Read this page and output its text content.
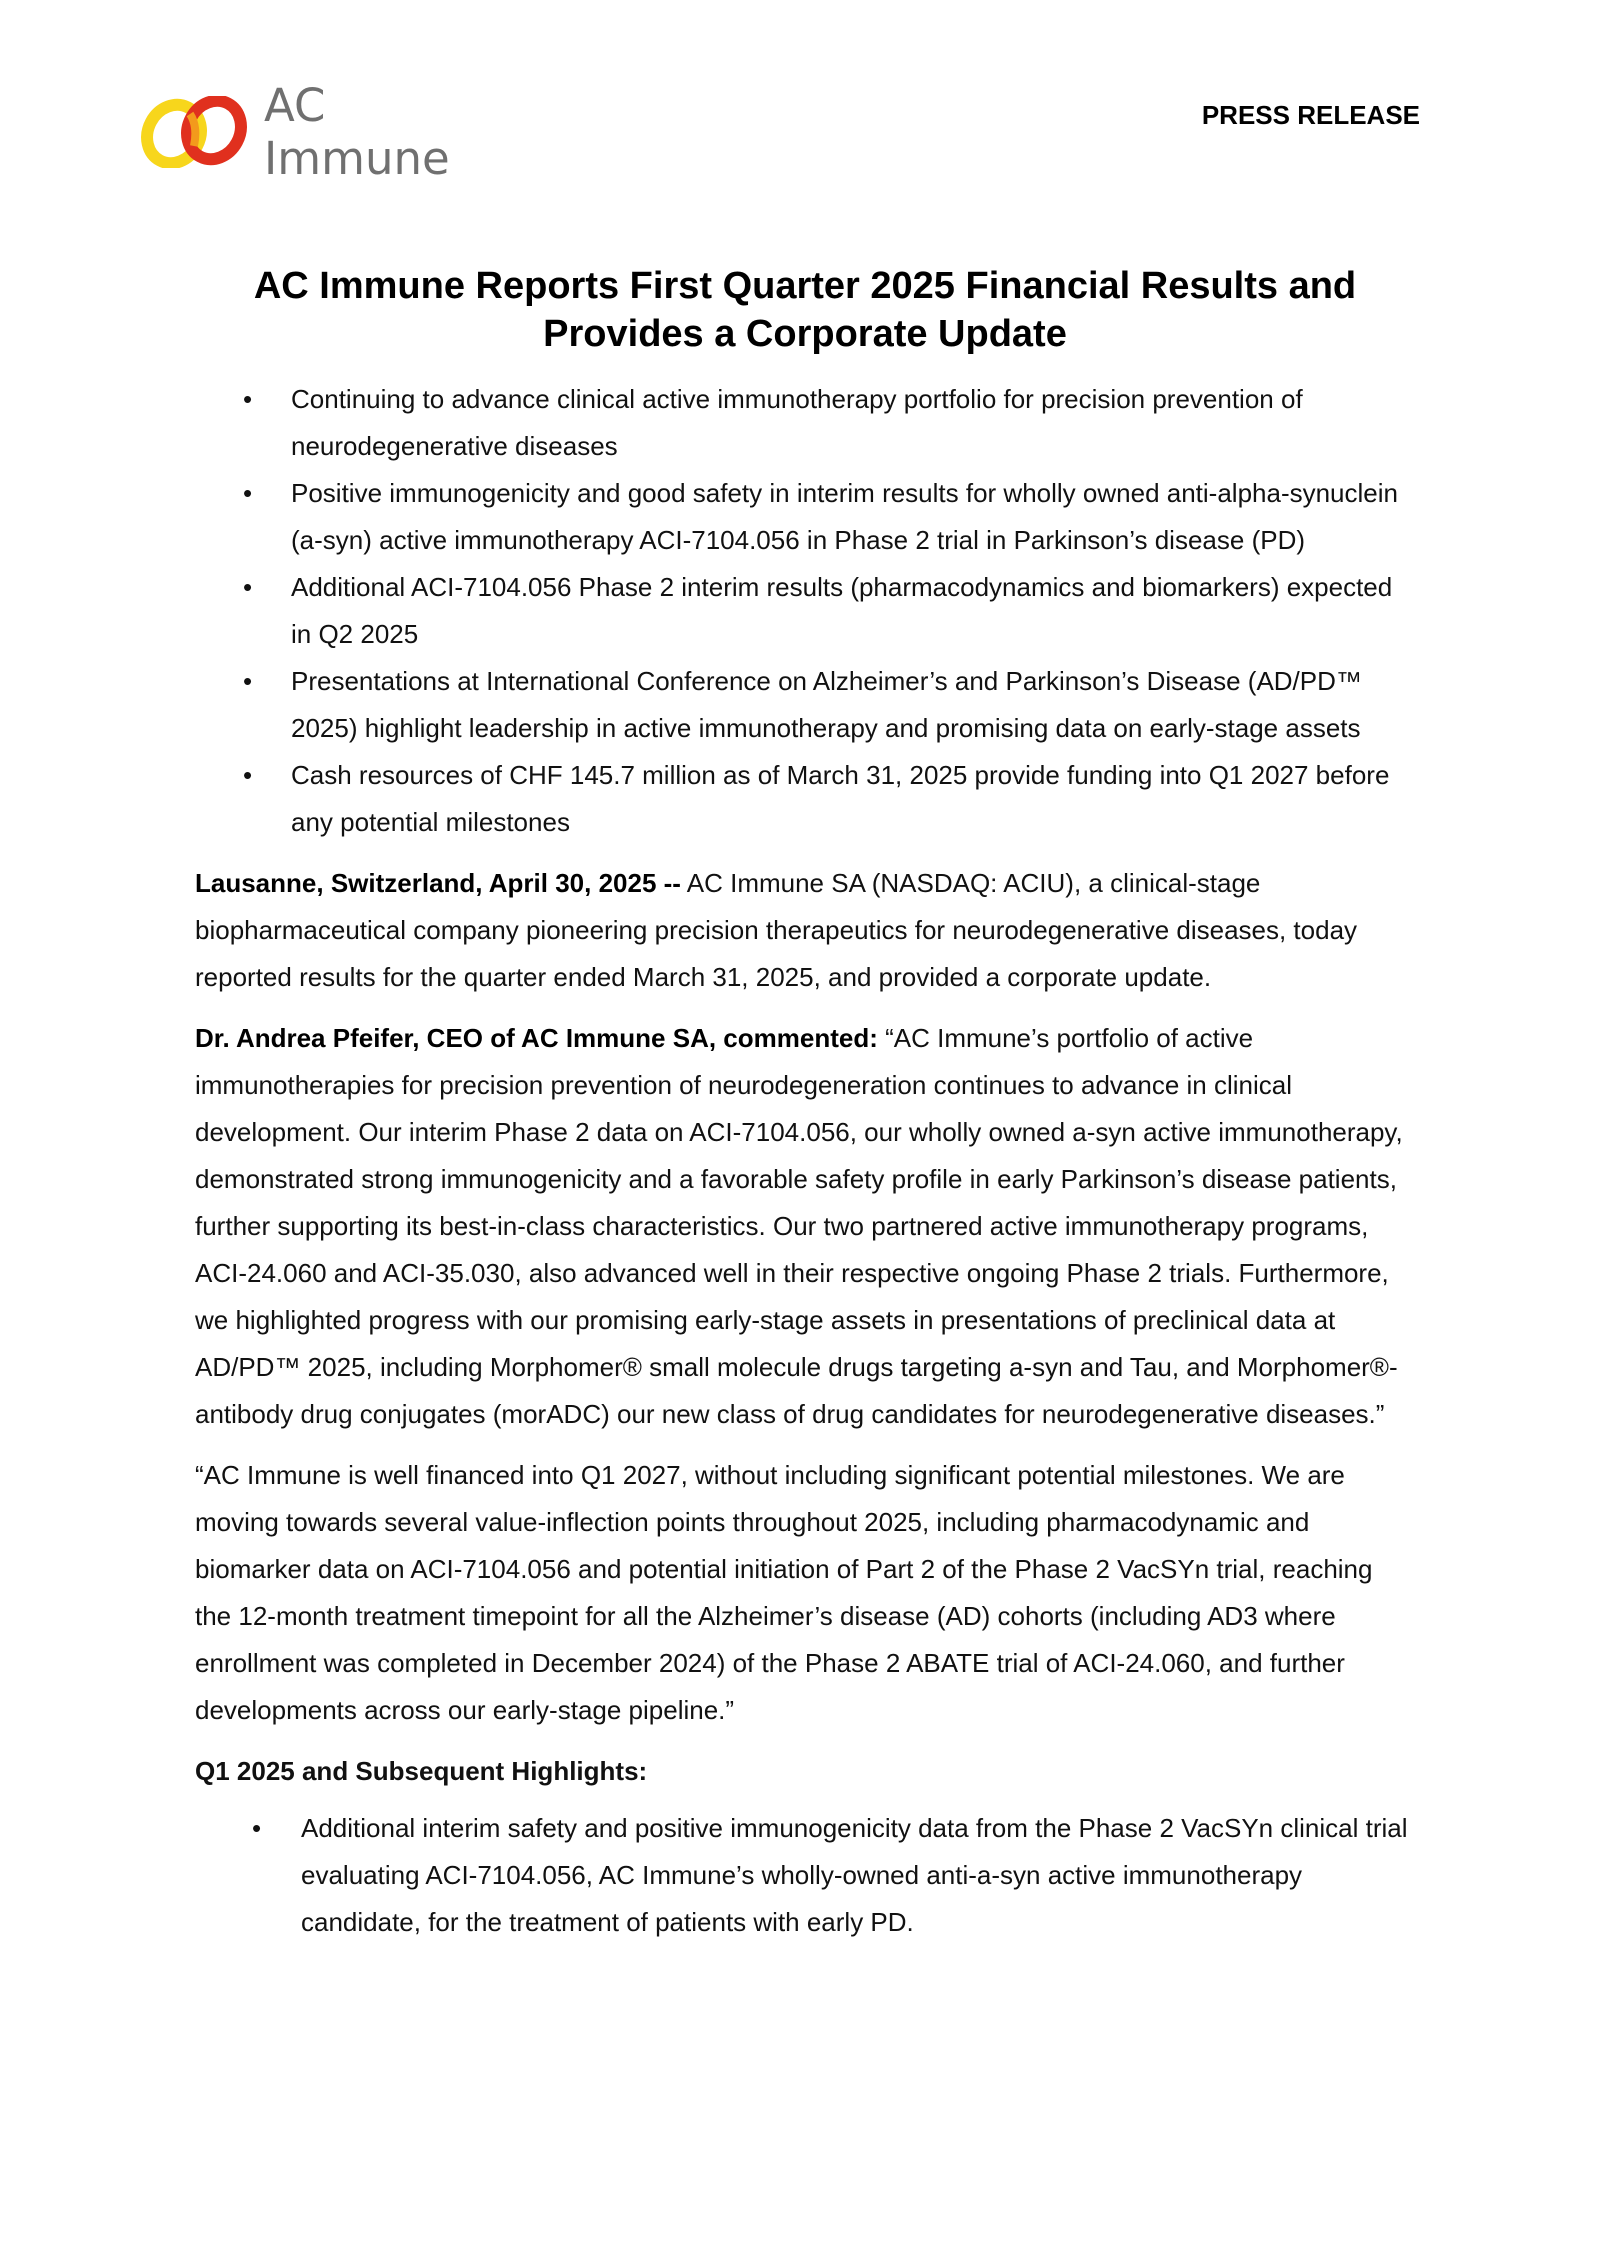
AC Immune
PRESS RELEASE
AC Immune Reports First Quarter 2025 Financial Results and Provides a Corporate Update
• Continuing to advance clinical active immunotherapy portfolio for precision prevention of neurodegenerative diseases
• Positive immunogenicity and good safety in interim results for wholly owned anti-alpha-synuclein (a-syn) active immunotherapy ACI-7104.056 in Phase 2 trial in Parkinson’s disease (PD)
• Additional ACI-7104.056 Phase 2 interim results (pharmacodynamics and biomarkers) expected in Q2 2025
• Presentations at International Conference on Alzheimer’s and Parkinson’s Disease (AD/PD™ 2025) highlight leadership in active immunotherapy and promising data on early-stage assets
• Cash resources of CHF 145.7 million as of March 31, 2025 provide funding into Q1 2027 before any potential milestones

Lausanne, Switzerland, April 30, 2025 -- AC Immune SA (NASDAQ: ACIU), a clinical-stage biopharmaceutical company pioneering precision therapeutics for neurodegenerative diseases, today reported results for the quarter ended March 31, 2025, and provided a corporate update.

Dr. Andrea Pfeifer, CEO of AC Immune SA, commented: “AC Immune’s portfolio of active immunotherapies for precision prevention of neurodegeneration continues to advance in clinical development. Our interim Phase 2 data on ACI-7104.056, our wholly owned a-syn active immunotherapy, demonstrated strong immunogenicity and a favorable safety profile in early Parkinson’s disease patients, further supporting its best-in-class characteristics. Our two partnered active immunotherapy programs, ACI-24.060 and ACI-35.030, also advanced well in their respective ongoing Phase 2 trials. Furthermore, we highlighted progress with our promising early-stage assets in presentations of preclinical data at AD/PD™ 2025, including Morphomer® small molecule drugs targeting a-syn and Tau, and Morphomer®-antibody drug conjugates (morADC) our new class of drug candidates for neurodegenerative diseases.”

“AC Immune is well financed into Q1 2027, without including significant potential milestones. We are moving towards several value-inflection points throughout 2025, including pharmacodynamic and biomarker data on ACI-7104.056 and potential initiation of Part 2 of the Phase 2 VacSYn trial, reaching the 12-month treatment timepoint for all the Alzheimer’s disease (AD) cohorts (including AD3 where enrollment was completed in December 2024) of the Phase 2 ABATE trial of ACI-24.060, and further developments across our early-stage pipeline.”

Q1 2025 and Subsequent Highlights:

• Additional interim safety and positive immunogenicity data from the Phase 2 VacSYn clinical trial evaluating ACI-7104.056, AC Immune’s wholly-owned anti-a-syn active immunotherapy candidate, for the treatment of patients with early PD.
